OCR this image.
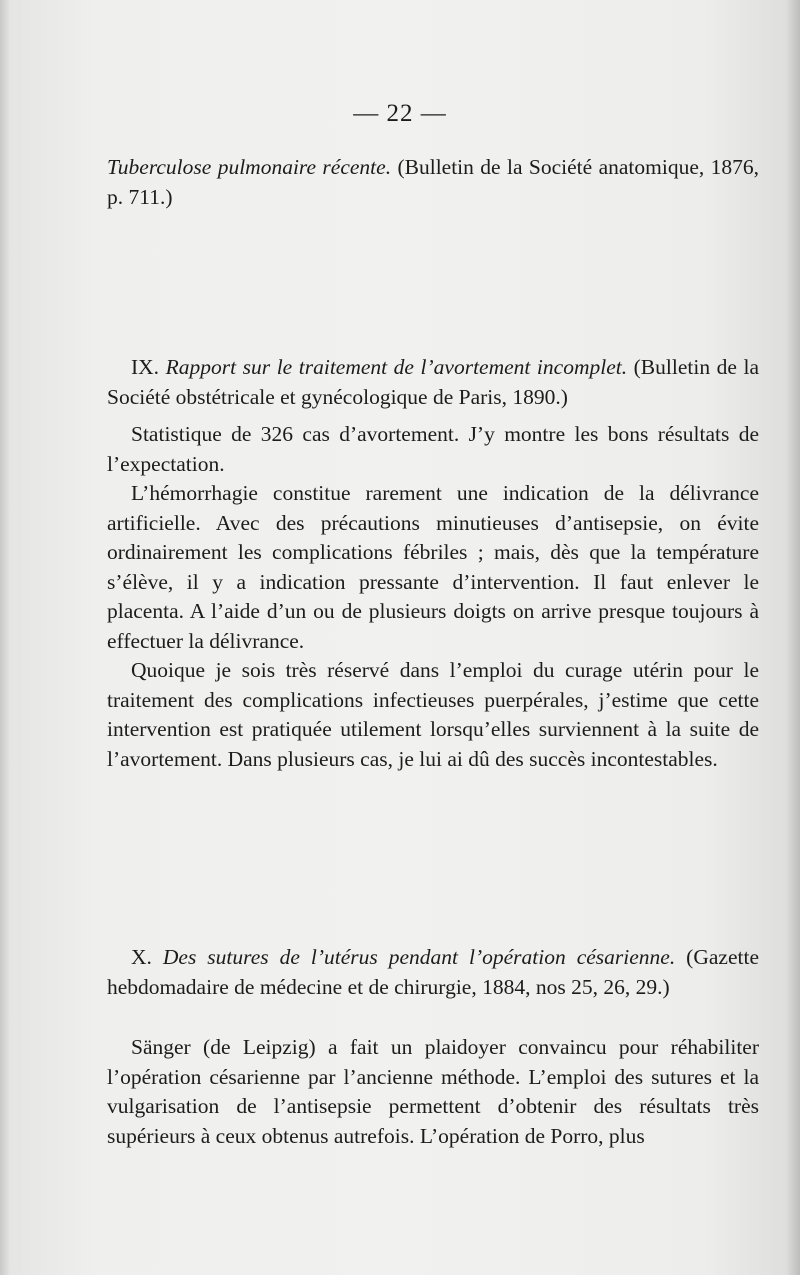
— 22 —

Tuberculose pulmonaire récente. (Bulletin de la Société anatomique, 1876, p. 711.)

IX. Rapport sur le traitement de l’avortement incomplet. (Bulletin de la Société obstétricale et gynécologique de Paris, 1890.)

Statistique de 326 cas d’avortement. J’y montre les bons résultats de l’expectation.

L’hémorrhagie constitue rarement une indication de la délivrance artificielle. Avec des précautions minutieuses d’antisepsie, on évite ordinairement les complications fébriles ; mais, dès que la température s’élève, il y a indication pressante d’intervention. Il faut enlever le placenta. A l’aide d’un ou de plusieurs doigts on arrive presque toujours à effectuer la délivrance.

Quoique je sois très réservé dans l’emploi du curage utérin pour le traitement des complications infectieuses puerpérales, j’estime que cette intervention est pratiquée utilement lorsqu’elles surviennent à la suite de l’avortement. Dans plusieurs cas, je lui ai dû des succès incontestables.

X. Des sutures de l’utérus pendant l’opération césarienne. (Gazette hebdomadaire de médecine et de chirurgie, 1884, nos 25, 26, 29.)

Sänger (de Leipzig) a fait un plaidoyer convaincu pour réhabiliter l’opération césarienne par l’ancienne méthode. L’emploi des sutures et la vulgarisation de l’antisepsie permettent d’obtenir des résultats très supérieurs à ceux obtenus autrefois. L’opération de Porro, plus
